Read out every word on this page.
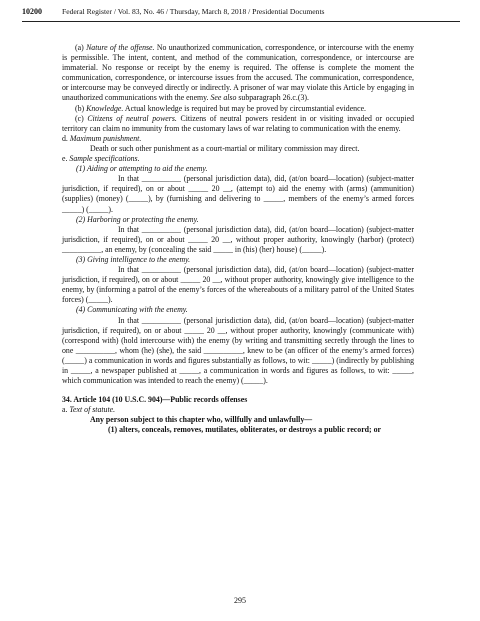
10200	Federal Register / Vol. 83, No. 46 / Thursday, March 8, 2018 / Presidential Documents

(a) Nature of the offense. No unauthorized communication, correspondence, or intercourse with the enemy is permissible. The intent, content, and method of the communication, correspondence, or intercourse are immaterial. No response or receipt by the enemy is required. The offense is complete the moment the communication, correspondence, or intercourse issues from the accused. The communication, correspondence, or intercourse may be conveyed directly or indirectly. A prisoner of war may violate this Article by engaging in unauthorized communications with the enemy. See also subparagraph 26.c.(3).

(b) Knowledge. Actual knowledge is required but may be proved by circumstantial evidence.

(c) Citizens of neutral powers. Citizens of neutral powers resident in or visiting invaded or occupied territory can claim no immunity from the customary laws of war relating to communication with the enemy.

d. Maximum punishment.

Death or such other punishment as a court-martial or military commission may direct.

e. Sample specifications.

(1) Aiding or attempting to aid the enemy.

In that __________ (personal jurisdiction data), did, (at/on board—location) (subject-matter jurisdiction, if required), on or about _____ 20 __, (attempt to) aid the enemy with (arms) (ammunition) (supplies) (money) (_____), by (furnishing and delivering to _____, members of the enemy’s armed forces _____) (_____).

(2) Harboring or protecting the enemy.

In that __________ (personal jurisdiction data), did, (at/on board—location) (subject-matter jurisdiction, if required), on or about _____ 20 __, without proper authority, knowingly (harbor) (protect) __________, an enemy, by (concealing the said _____ in (his) (her) house) (_____).

(3) Giving intelligence to the enemy.

In that __________ (personal jurisdiction data), did, (at/on board—location) (subject-matter jurisdiction, if required), on or about _____ 20 __, without proper authority, knowingly give intelligence to the enemy, by (informing a patrol of the enemy’s forces of the whereabouts of a military patrol of the United States forces) (_____).

(4) Communicating with the enemy.

In that __________ (personal jurisdiction data), did, (at/on board—location) (subject-matter jurisdiction, if required), on or about _____ 20 __, without proper authority, knowingly (communicate with) (correspond with) (hold intercourse with) the enemy (by writing and transmitting secretly through the lines to one __________, whom (he) (she), the said __________, knew to be (an officer of the enemy’s armed forces) (_____) a communication in words and figures substantially as follows, to wit: _____) (indirectly by publishing in _____, a newspaper published at _____, a communication in words and figures as follows, to wit: _____, which communication was intended to reach the enemy) (_____).

34. Article 104 (10 U.S.C. 904)—Public records offenses

a. Text of statute.

Any person subject to this chapter who, willfully and unlawfully—

(1) alters, conceals, removes, mutilates, obliterates, or destroys a public record; or

295
